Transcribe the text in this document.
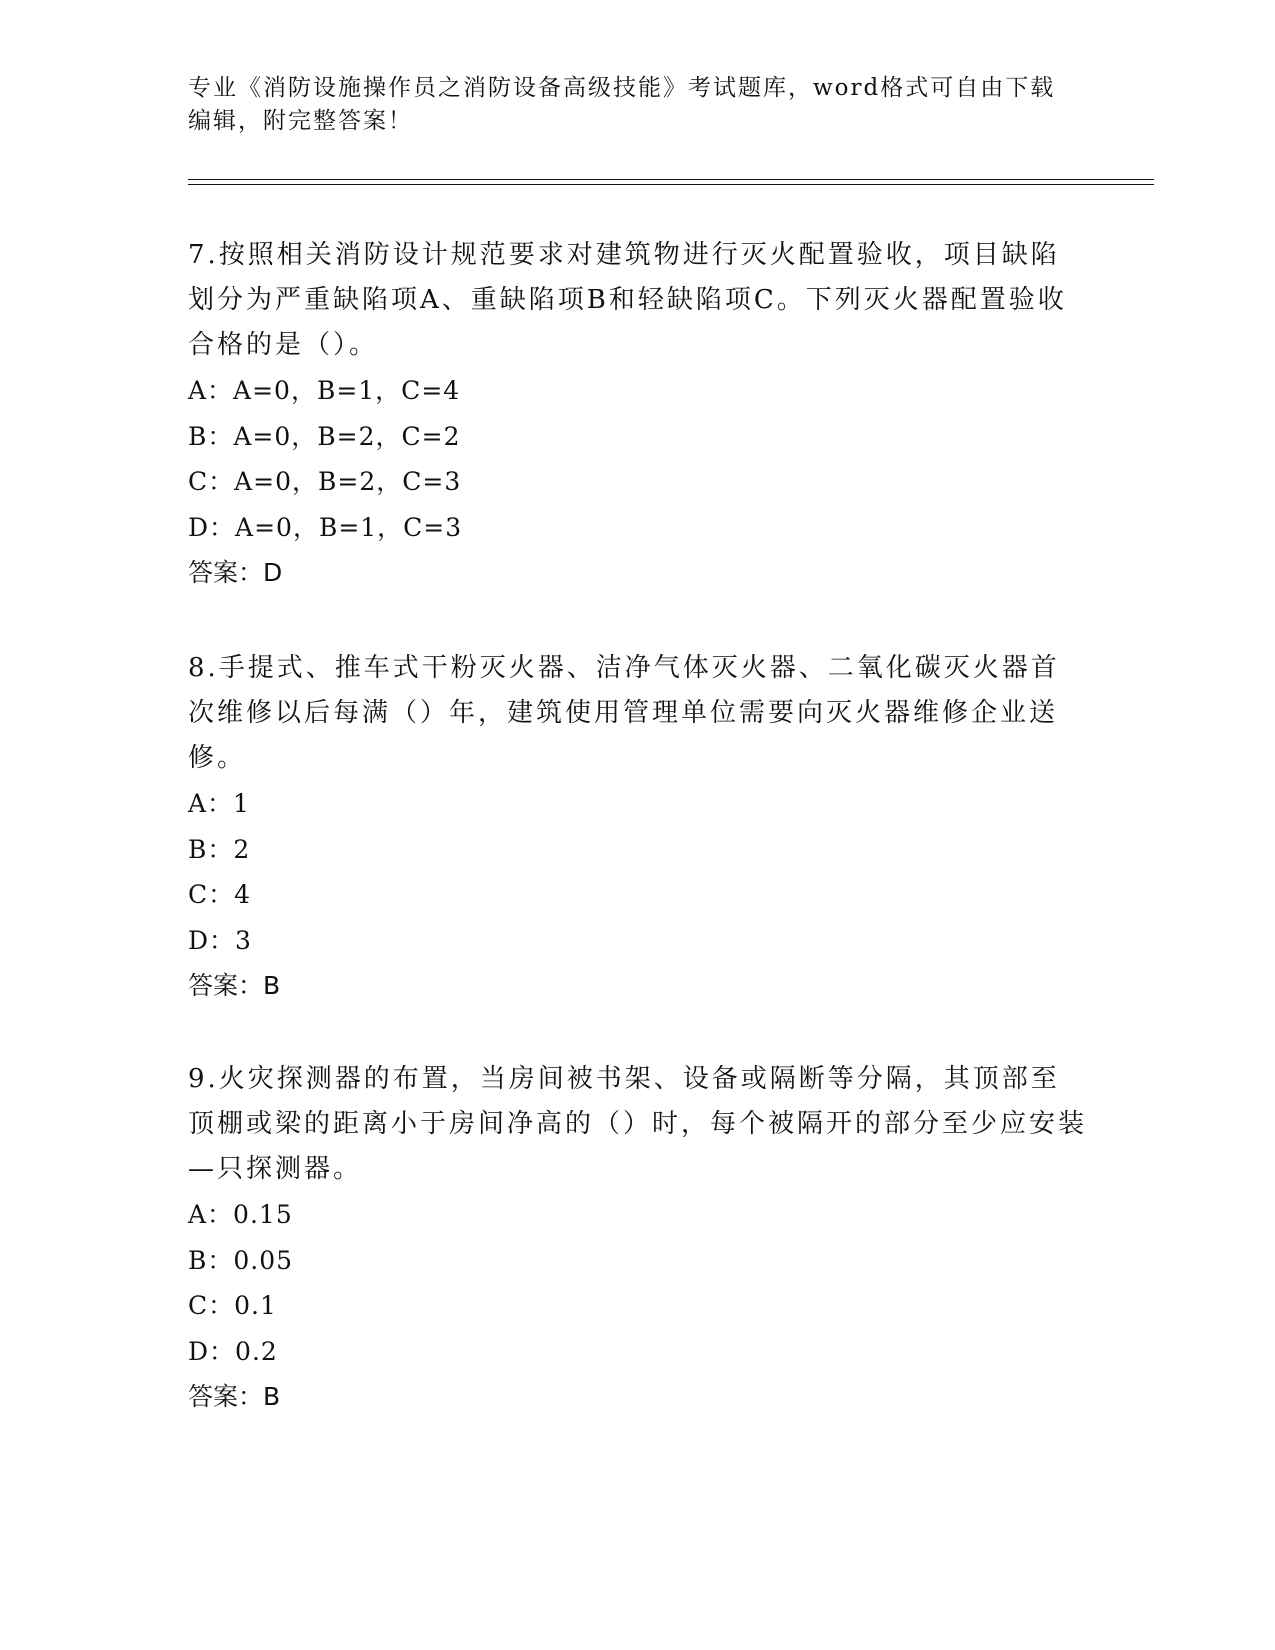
专业《消防设施操作员之消防设备高级技能》考试题库，word格式可自由下载编辑，附完整答案！

7.按照相关消防设计规范要求对建筑物进行灭火配置验收，项目缺陷划分为严重缺陷项A、重缺陷项B和轻缺陷项C。下列灭火器配置验收合格的是（）。

A：A=0，B=1，C=4

B：A=0，B=2，C=2

C：A=0，B=2，C=3

D：A=0，B=1，C=3

答案：D

8.手提式、推车式干粉灭火器、洁净气体灭火器、二氧化碳灭火器首次维修以后每满（）年，建筑使用管理单位需要向灭火器维修企业送修。

A：1

B：2

C：4

D：3

答案：B

9.火灾探测器的布置，当房间被书架、设备或隔断等分隔，其顶部至顶棚或梁的距离小于房间净高的（）时，每个被隔开的部分至少应安装—只探测器。

A：0.15

B：0.05

C：0.1

D：0.2

答案：B
